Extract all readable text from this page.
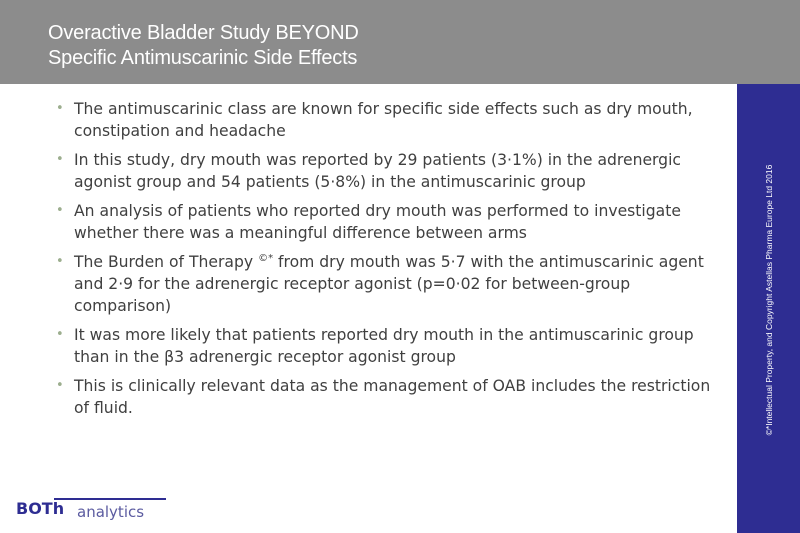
Overactive Bladder Study BEYOND
Specific Antimuscarinic Side Effects
• The antimuscarinic class are known for specific side effects such as dry mouth, constipation and headache
• In this study, dry mouth was reported by 29 patients (3·1%) in the adrenergic agonist group and 54 patients (5·8%) in the antimuscarinic group
• An analysis of patients who reported dry mouth was performed to investigate whether there was a meaningful difference between arms
• The Burden of Therapy ©* from dry mouth was 5·7 with the antimuscarinic agent and 2·9 for the adrenergic receptor agonist (p=0·02 for between-group comparison)
• It was more likely that patients reported dry mouth in the antimuscarinic group than in the β3 adrenergic receptor agonist group
• This is clinically relevant data as the management of OAB includes the restriction of fluid.	©*Intellectual Property, and Copyright Astellas Pharma Europe Ltd 2016
BOTh analytics
